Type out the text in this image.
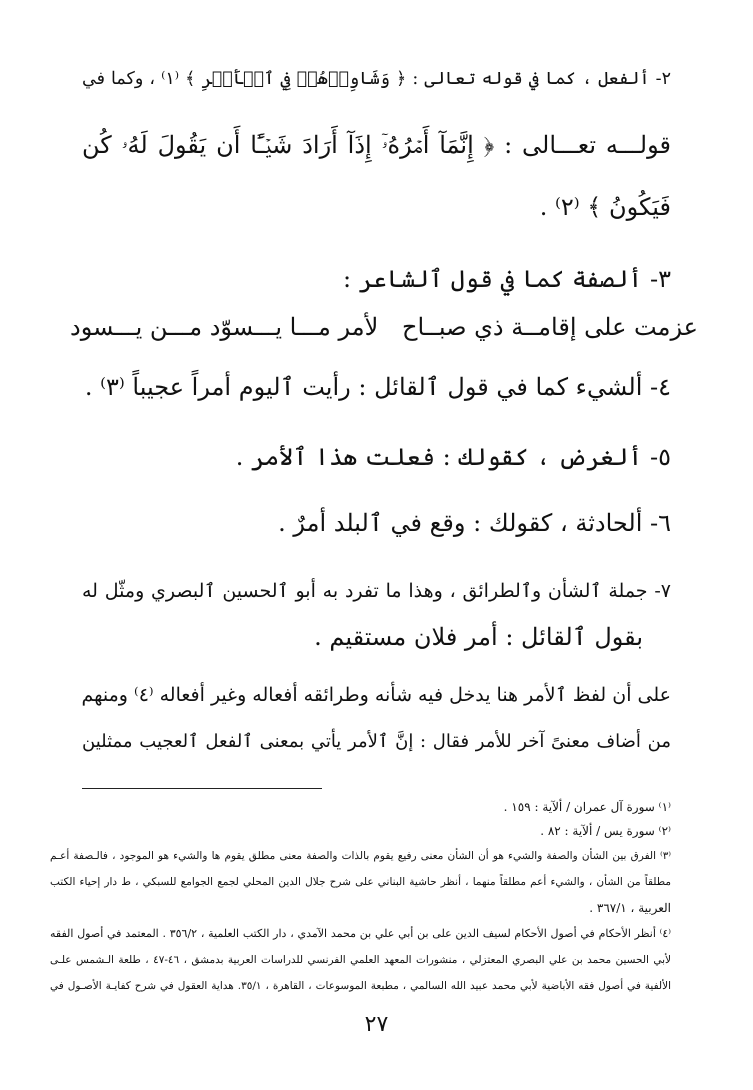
٢- ألفعل ، كما في قوله تعالى : ﴿ وَشَاوِرۡهُمۡ فِي ٱلۡأَمۡرِ ﴾ ⁽١⁾ ، وكما في
قولـــه تعـــالى : ﴿ إِنَّمَآ أَمۡرُهُۥٓ إِذَآ أَرَادَ شَيۡـًٔا أَن يَقُولَ لَهُۥ كُن
فَيَكُونُ ﴾ ⁽٢⁾ .
٣- ألصفة كما في قول ٱلشاعر :
عزمت على إقامــة ذي صبــاح
لأمر مـــا يـــسوّد مـــن يـــسود
٤- ألشيء كما في قول ٱلقائل : رأيت ٱليوم أمراً عجيباً ⁽٣⁾ .
٥- ألغرض ، كقولك : فعلت هذا ٱلأمر .
٦- ألحادثة ، كقولك : وقع في ٱلبلد أمرٌ .
٧- جملة ٱلشأن وٱلطرائق ، وهذا ما تفرد به أبو ٱلحسين ٱلبصري ومثّل له
بقول ٱلقائل : أمر فلان مستقيم .
على أن لفظ ٱلأمر هنا يدخل فيه شأنه وطرائقه أفعاله وغير أفعاله ⁽٤⁾ ومنهم
من أضاف معنىً آخر للأمر فقال : إنَّ ٱلأمر يأتي بمعنى ٱلفعل ٱلعجيب ممثلين
⁽١⁾ سورة آل عمران / ألآية : ١٥٩ .
⁽٢⁾ سورة يس / ألآية : ٨٢ .
⁽٣⁾ الفرق بين الشأن والصفة والشيء هو أن الشأن معنى رفيع يقوم بالذات والصفة معنى مطلق يقوم ها والشيء هو الموجود ، فالـصفة أعـم
مطلقاً من الشأن ، والشيء أعم مطلقاً منهما ، أنظر حاشية البناني على شرح جلال الدين المحلي لجمع الجوامع للسبكي ، ط دار إحياء الكتب
العربية ، ٣٦٧/١ .
⁽٤⁾ أنظر الأحكام في أصول الأحكام لسيف الدين على بن أبي علي بن محمد الآمدي ، دار الكتب العلمية ، ٣٥٦/٢ . المعتمد في أصول الفقه
لأبي الحسين محمد بن علي البصري المعتزلي ، منشورات المعهد العلمي الفرنسي للدراسات العربية بدمشق ، ٤٦-٤٧ ، طلعة الـشمس علـى
الألفية في أصول فقه الأباضية لأبي محمد عبيد الله السالمي ، مطبعة الموسوعات ، القاهرة ، ٣٥/١. هداية العقول في شرح كفايـة الأصـول في
٢٧
